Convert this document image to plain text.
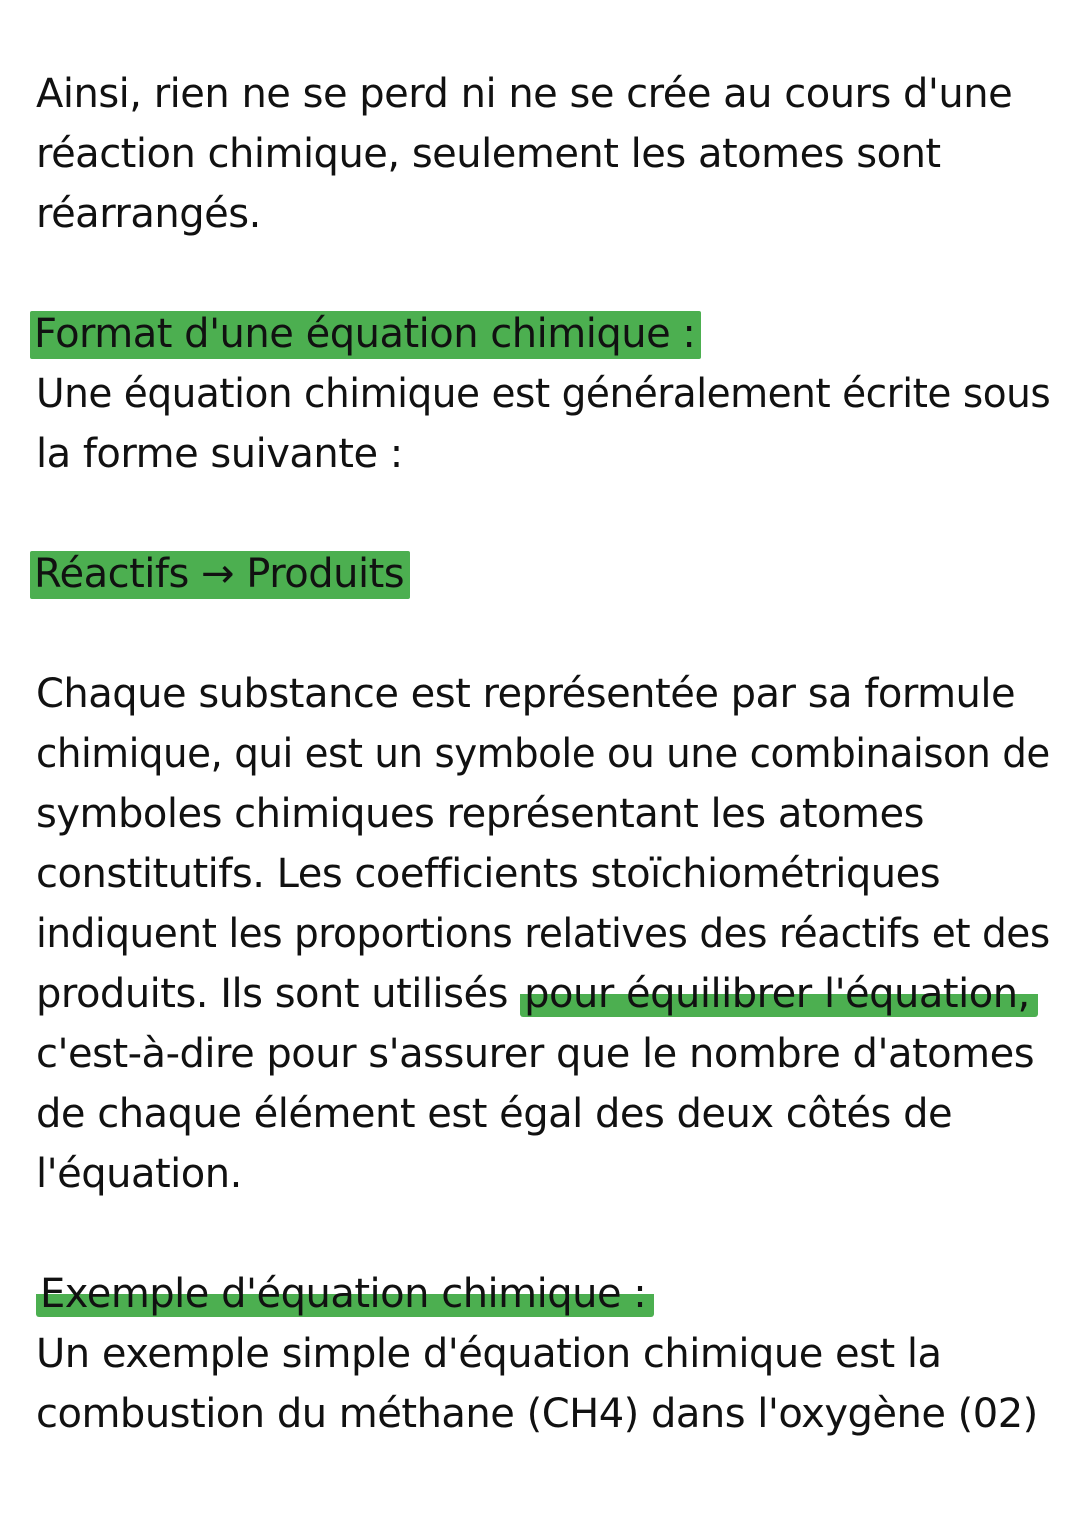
Ainsi, rien ne se perd ni ne se crée au cours d'une
réaction chimique, seulement les atomes sont
réarrangés.
Format d'une équation chimique :
Une équation chimique est généralement écrite sous
la forme suivante :
Réactifs → Produits
Chaque substance est représentée par sa formule
chimique, qui est un symbole ou une combinaison de
symboles chimiques représentant les atomes
constitutifs. Les coefficients stoïchiométriques
indiquent les proportions relatives des réactifs et des
produits. Ils sont utilisés pour équilibrer l'équation,
c'est-à-dire pour s'assurer que le nombre d'atomes
de chaque élément est égal des deux côtés de
l'équation.
Exemple d'équation chimique :
Un exemple simple d'équation chimique est la
combustion du méthane (CH4) dans l'oxygène (02)
